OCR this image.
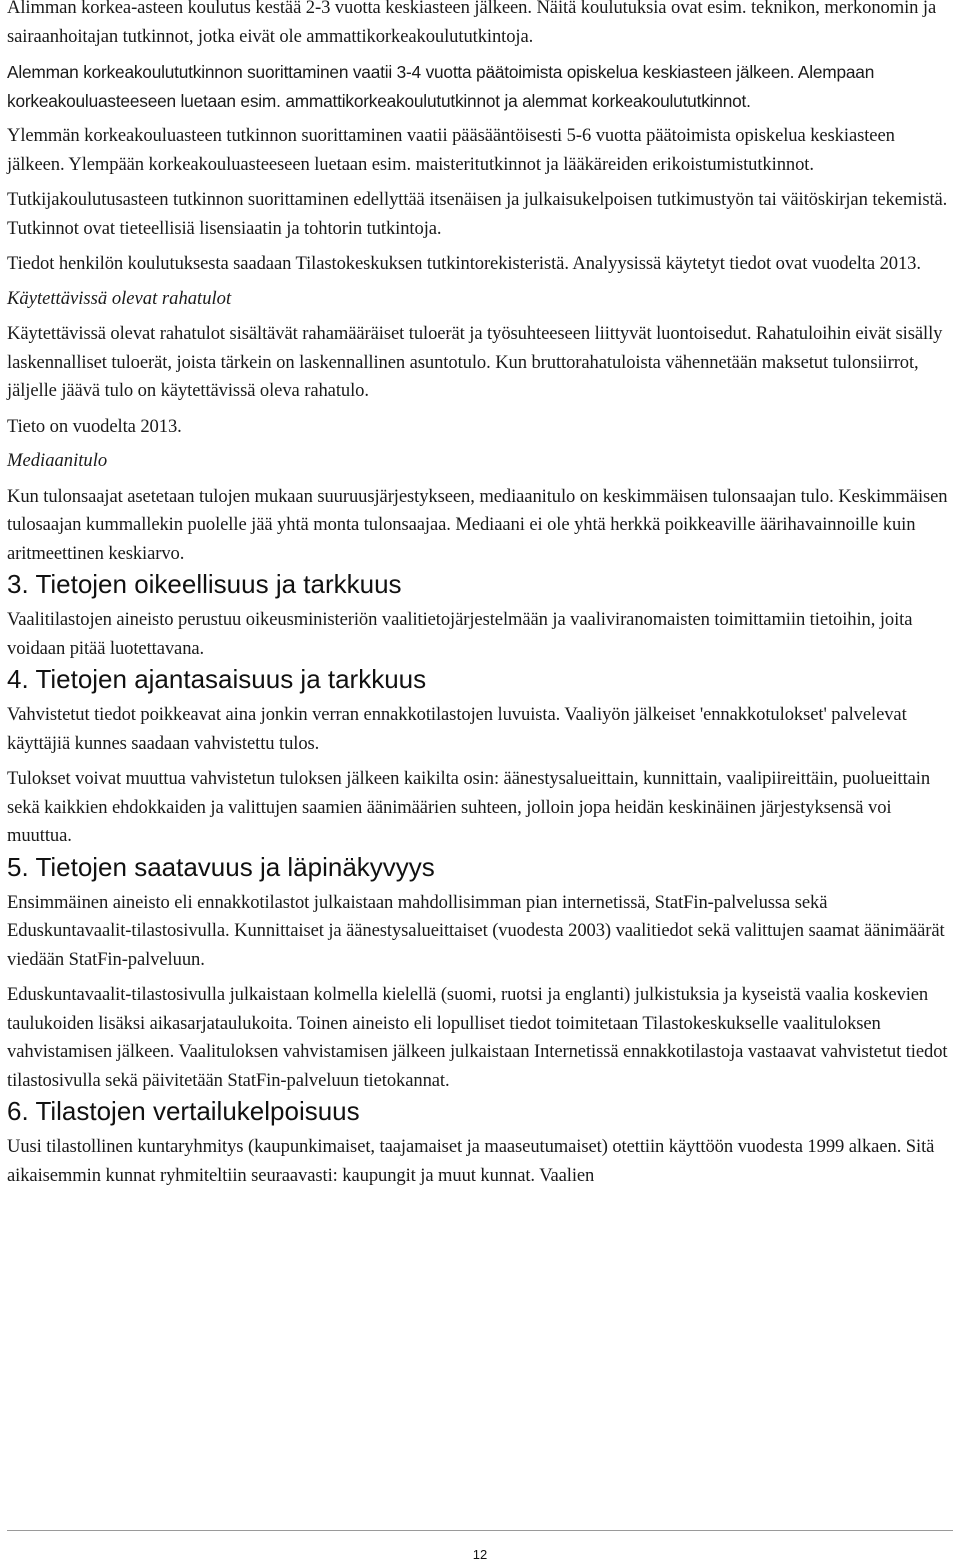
Alimman korkea-asteen koulutus kestää 2-3 vuotta keskiasteen jälkeen. Näitä koulutuksia ovat esim. teknikon, merkonomin ja sairaanhoitajan tutkinnot, jotka eivät ole ammattikorkeakoulututkintoja.

Alemman korkeakoulututkinnon suorittaminen vaatii 3-4 vuotta päätoimista opiskelua keskiasteen jälkeen. Alempaan korkeakouluasteeseen luetaan esim. ammattikorkeakoulututkinnot ja alemmat korkeakoulututkinnot.

Ylemmän korkeakouluasteen tutkinnon suorittaminen vaatii pääsääntöisesti 5-6 vuotta päätoimista opiskelua keskiasteen jälkeen. Ylempään korkeakouluasteeseen luetaan esim. maisteritutkinnot ja lääkäreiden erikoistumistutkinnot.

Tutkijakoulutusasteen tutkinnon suorittaminen edellyttää itsenäisen ja julkaisukelpoisen tutkimustyön tai väitöskirjan tekemistä. Tutkinnot ovat tieteellisiä lisensiaatin ja tohtorin tutkintoja.

Tiedot henkilön koulutuksesta saadaan Tilastokeskuksen tutkintorekisteristä. Analyysissä käytetyt tiedot ovat vuodelta 2013.

Käytettävissä olevat rahatulot

Käytettävissä olevat rahatulot sisältävät rahamääräiset tuloerät ja työsuhteeseen liittyvät luontoisedut. Rahatuloihin eivät sisälly laskennalliset tuloerät, joista tärkein on laskennallinen asuntotulo. Kun bruttorahatuloista vähennetään maksetut tulonsiirrot, jäljelle jäävä tulo on käytettävissä oleva rahatulo.

Tieto on vuodelta 2013.

Mediaanitulo

Kun tulonsaajat asetetaan tulojen mukaan suuruusjärjestykseen, mediaanitulo on keskimmäisen tulonsaajan tulo. Keskimmäisen tulosaajan kummallekin puolelle jää yhtä monta tulonsaajaa. Mediaani ei ole yhtä herkkä poikkeaville äärihavainnoille kuin aritmeettinen keskiarvo.

3. Tietojen oikeellisuus ja tarkkuus

Vaalitilastojen aineisto perustuu oikeusministeriön vaalitietojärjestelmään ja vaaliviranomaisten toimittamiin tietoihin, joita voidaan pitää luotettavana.

4. Tietojen ajantasaisuus ja tarkkuus

Vahvistetut tiedot poikkeavat aina jonkin verran ennakkotilastojen luvuista. Vaaliyön jälkeiset 'ennakkotulokset' palvelevat käyttäjiä kunnes saadaan vahvistettu tulos.

Tulokset voivat muuttua vahvistetun tuloksen jälkeen kaikilta osin: äänestysalueittain, kunnittain, vaalipiireittäin, puolueittain sekä kaikkien ehdokkaiden ja valittujen saamien äänimäärien suhteen, jolloin jopa heidän keskinäinen järjestyksensä voi muuttua.

5. Tietojen saatavuus ja läpinäkyvyys

Ensimmäinen aineisto eli ennakkotilastot julkaistaan mahdollisimman pian internetissä, StatFin-palvelussa sekä Eduskuntavaalit-tilastosivulla. Kunnittaiset ja äänestysalueittaiset (vuodesta 2003) vaalitiedot sekä valittujen saamat äänimäärät viedään StatFin-palveluun.

Eduskuntavaalit-tilastosivulla julkaistaan kolmella kielellä (suomi, ruotsi ja englanti) julkistuksia ja kyseistä vaalia koskevien taulukoiden lisäksi aikasarjataulukoita. Toinen aineisto eli lopulliset tiedot toimitetaan Tilastokeskukselle vaalituloksen vahvistamisen jälkeen. Vaalituloksen vahvistamisen jälkeen julkaistaan Internetissä ennakkotilastoja vastaavat vahvistetut tiedot tilastosivulla sekä päivitetään StatFin-palveluun tietokannat.

6. Tilastojen vertailukelpoisuus

Uusi tilastollinen kuntaryhmitys (kaupunkimaiset, taajamaiset ja maaseutumaiset) otettiin käyttöön vuodesta 1999 alkaen. Sitä aikaisemmin kunnat ryhmiteltiin seuraavasti: kaupungit ja muut kunnat. Vaalien

12
